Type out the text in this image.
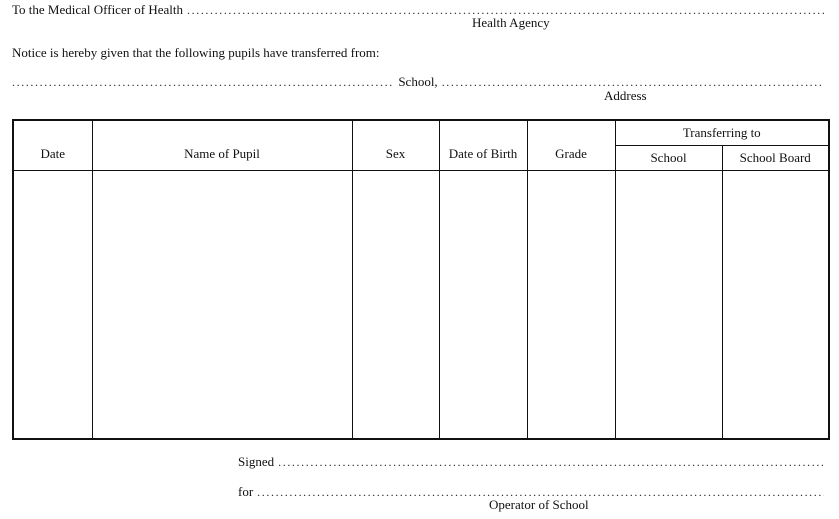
To the Medical Officer of Health
.....
Health Agency
Notice is hereby given that the following pupils have transferred from:
.....
School,
.....
Address
Date	Name of Pupil	Sex	Date of Birth	Grade	Transferring to	
					School	School Board

Signed
.....
for
.....
Operator of School
